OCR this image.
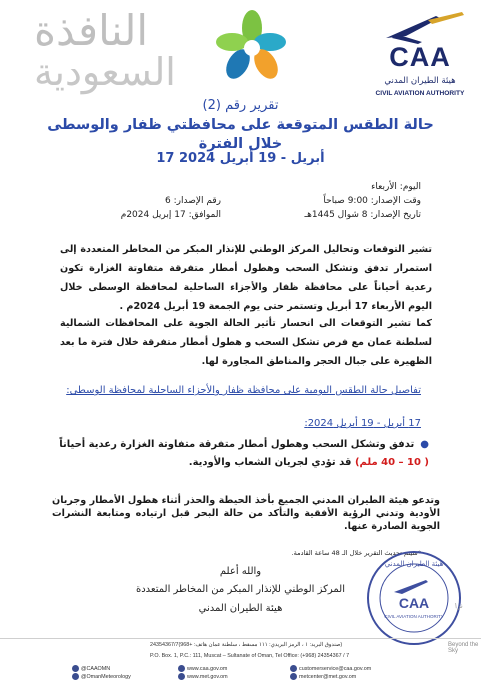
CAA
هيئة الطيران المدني
CIVIL AVIATION AUTHORITY
النافذة
السعودية
تقرير رقم (2)
حالة الطقس المتوقعة على محافظتي ظفار والوسطى
خلال الفترة
17 أبريل - 19 أبريل 2024
اليوم: الأربعاء
وقت الإصدار: 9:00 صباحاً
تاريخ الإصدار: 8 شوال 1445هـ
رقم الإصدار: 6
الموافق: 17 إبريل 2024م
تشير التوقعات وتحاليل المركز الوطني للإنذار المبكر من المخاطر المتعددة إلى استمرار تدفق وتشكل السحب وهطول أمطار متفرقة متفاوتة الغزارة تكون رعدية أحياناً على محافظة ظفار والأجزاء الساحلية لمحافظة الوسطى خلال اليوم الأربعاء 17 أبريل وتستمر حتى يوم الجمعة 19 أبريل 2024م .
كما تشير التوقعات الى انحسار تأثير الحالة الجوية على المحافظات الشمالية لسلطنة عمان مع فرص تشكل السحب و هطول أمطار متفرقة خلال فترة ما بعد الظهيرة على جبال الحجر والمناطق المجاورة لها.
تفاصيل حالة الطقس اليومية على محافظة ظفار والأجزاء الساحلية لمحافظة الوسطى:
17 أبريل - 19 أبريل 2024:
●تدفق وتشكل السحب وهطول أمطار متفرقة متفاوتة الغزارة رعدية أحياناً
( 10 – 40 ملم) قد تؤدي لجريان الشعاب والأودية.
وتدعو هيئة الطيران المدني الجميع بأخذ الحيطة والحذر أثناء هطول الأمطار وجريان الأودية وتدني الرؤية الأفقية والتأكد من حالة البحر قبل ارتياده ومتابعة النشرات الجوية الصادرة عنها.
*سيتم تحديث التقرير خلال الـ 48 ساعة القادمة.
والله أعلم
المركز الوطني للإنذار المبكر من المخاطر المتعددة
هيئة الطيران المدني
هيئة الطيران المدني
CAA
CIVIL AVIATION AUTHORITY
نزا
صندوق البريد: ١ ، الرمز البريدي: ١١١ مسقط ، سلطنة عمان هاتف: +968)24354367/7)
P.O. Box. 1, P.C.: 111, Muscat – Sultanate of Oman, Tel Office: (+968) 24354367 / 7
@CAAOMN
@OmanMeteorology
www.caa.gov.om
www.met.gov.om
customerservice@caa.gov.om
metcenter@met.gov.om
Beyond the Sky
